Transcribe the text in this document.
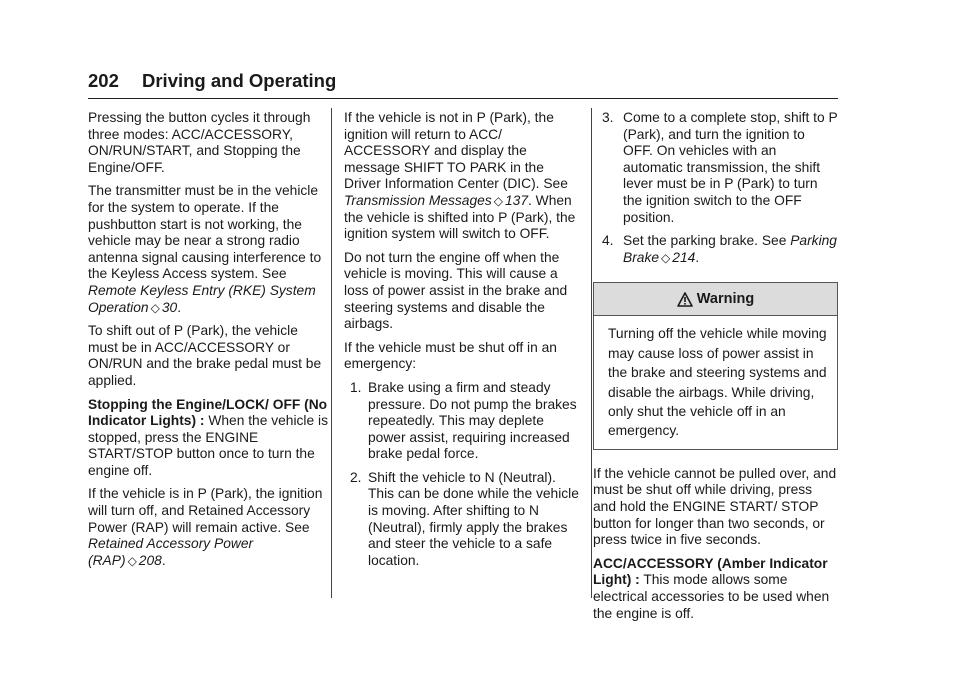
202 Driving and Operating

Pressing the button cycles it through three modes: ACC/ACCESSORY, ON/RUN/START, and Stopping the Engine/OFF.

The transmitter must be in the vehicle for the system to operate. If the pushbutton start is not working, the vehicle may be near a strong radio antenna signal causing interference to the Keyless Access system. See Remote Keyless Entry (RKE) System Operation ◇ 30.

To shift out of P (Park), the vehicle must be in ACC/ACCESSORY or ON/RUN and the brake pedal must be applied.

Stopping the Engine/LOCK/ OFF (No Indicator Lights) : When the vehicle is stopped, press the ENGINE START/STOP button once to turn the engine off.

If the vehicle is in P (Park), the ignition will turn off, and Retained Accessory Power (RAP) will remain active. See Retained Accessory Power (RAP) ◇ 208.

If the vehicle is not in P (Park), the ignition will return to ACC/ ACCESSORY and display the message SHIFT TO PARK in the Driver Information Center (DIC). See Transmission Messages ◇ 137. When the vehicle is shifted into P (Park), the ignition system will switch to OFF.

Do not turn the engine off when the vehicle is moving. This will cause a loss of power assist in the brake and steering systems and disable the airbags.

If the vehicle must be shut off in an emergency:

1. Brake using a firm and steady pressure. Do not pump the brakes repeatedly. This may deplete power assist, requiring increased brake pedal force.
2. Shift the vehicle to N (Neutral). This can be done while the vehicle is moving. After shifting to N (Neutral), firmly apply the brakes and steer the vehicle to a safe location.
3. Come to a complete stop, shift to P (Park), and turn the ignition to OFF. On vehicles with an automatic transmission, the shift lever must be in P (Park) to turn the ignition switch to the OFF position.
4. Set the parking brake. See Parking Brake ◇ 214.
Warning
Turning off the vehicle while moving may cause loss of power assist in the brake and steering systems and disable the airbags. While driving, only shut the vehicle off in an emergency.

If the vehicle cannot be pulled over, and must be shut off while driving, press and hold the ENGINE START/ STOP button for longer than two seconds, or press twice in five seconds.

ACC/ACCESSORY (Amber Indicator Light) : This mode allows some electrical accessories to be used when the engine is off.
